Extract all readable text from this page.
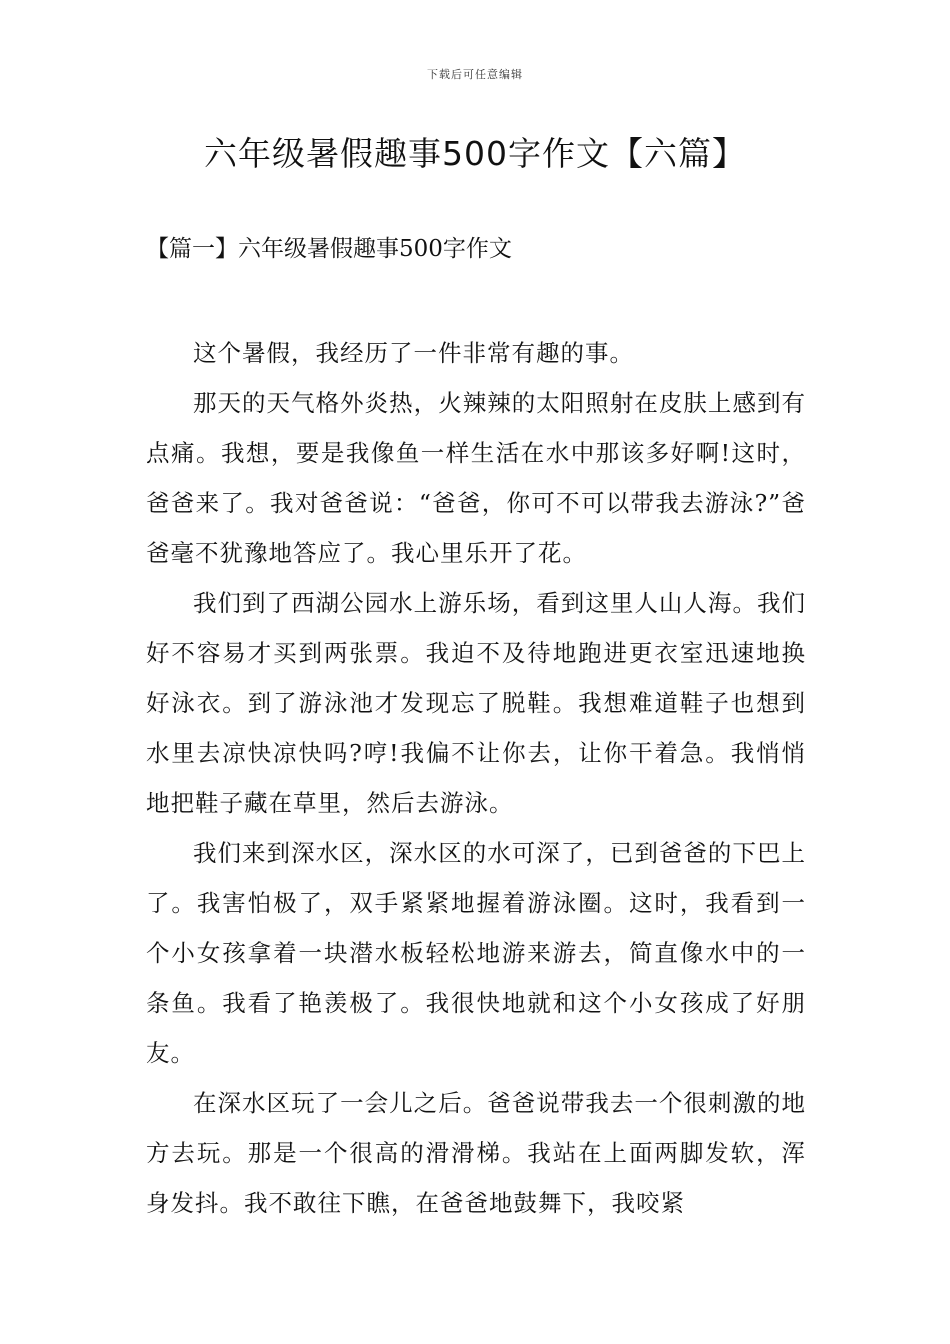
下载后可任意编辑
六年级暑假趣事500字作文【六篇】
【篇一】六年级暑假趣事500字作文

这个暑假，我经历了一件非常有趣的事。

那天的天气格外炎热，火辣辣的太阳照射在皮肤上感到有点痛。我想，要是我像鱼一样生活在水中那该多好啊!这时，爸爸来了。我对爸爸说：“爸爸，你可不可以带我去游泳?”爸爸毫不犹豫地答应了。我心里乐开了花。

我们到了西湖公园水上游乐场，看到这里人山人海。我们好不容易才买到两张票。我迫不及待地跑进更衣室迅速地换好泳衣。到了游泳池才发现忘了脱鞋。我想难道鞋子也想到水里去凉快凉快吗?哼!我偏不让你去，让你干着急。我悄悄地把鞋子藏在草里，然后去游泳。

我们来到深水区，深水区的水可深了，已到爸爸的下巴上了。我害怕极了，双手紧紧地握着游泳圈。这时，我看到一个小女孩拿着一块潜水板轻松地游来游去，简直像水中的一条鱼。我看了艳羡极了。我很快地就和这个小女孩成了好朋友。

在深水区玩了一会儿之后。爸爸说带我去一个很刺激的地方去玩。那是一个很高的滑滑梯。我站在上面两脚发软，浑身发抖。我不敢往下瞧，在爸爸地鼓舞下，我咬紧
